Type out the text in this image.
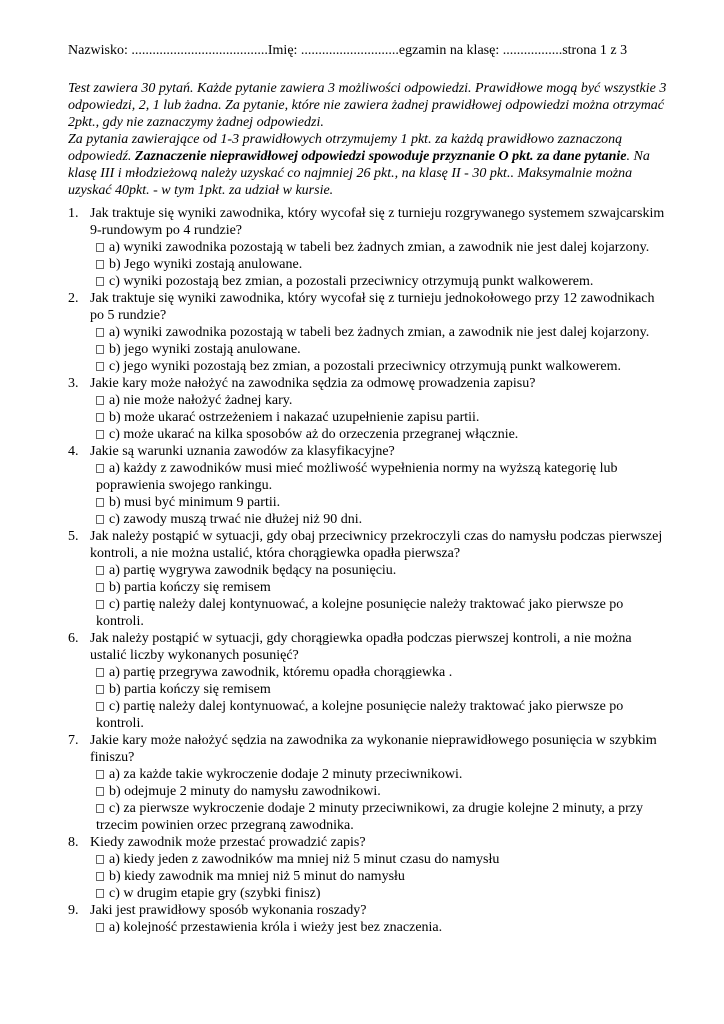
Nazwisko: .......................................Imię: ............................egzamin na klasę: .................strona 1 z 3
Test zawiera 30 pytań. Każde pytanie zawiera 3 możliwości odpowiedzi. Prawidłowe mogą być wszystkie 3 odpowiedzi, 2, 1 lub żadna. Za pytanie, które nie zawiera żadnej prawidłowej odpowiedzi można otrzymać 2pkt., gdy nie zaznaczymy żadnej odpowiedzi.
Za pytania zawierające od 1-3 prawidłowych otrzymujemy 1 pkt. za każdą prawidłowo zaznaczoną odpowiedź. Zaznaczenie nieprawidłowej odpowiedzi spowoduje przyznanie O pkt. za dane pytanie. Na klasę III i młodzieżową należy uzyskać co najmniej 26 pkt., na klasę II - 30 pkt.. Maksymalnie można uzyskać 40pkt. - w tym 1pkt. za udział w kursie.
1. Jak traktuje się wyniki zawodnika, który wycofał się z turnieju rozgrywanego systemem szwajcarskim 9-rundowym po 4 rundzie?
a) wyniki zawodnika pozostają w tabeli bez żadnych zmian, a zawodnik nie jest dalej kojarzony.
b) Jego wyniki zostają anulowane.
c) wyniki pozostają bez zmian, a pozostali przeciwnicy otrzymują punkt walkowerem.
2. Jak traktuje się wyniki zawodnika, który wycofał się z turnieju jednokołowego przy 12 zawodnikach po 5 rundzie?
a) wyniki zawodnika pozostają w tabeli bez żadnych zmian, a zawodnik nie jest dalej kojarzony.
b) jego wyniki zostają anulowane.
c) jego wyniki pozostają bez zmian, a pozostali przeciwnicy otrzymują punkt walkowerem.
3. Jakie kary może nałożyć na zawodnika sędzia za odmowę prowadzenia zapisu?
a) nie może nałożyć żadnej kary.
b) może ukarać ostrzeżeniem i nakazać uzupełnienie zapisu partii.
c) może ukarać na kilka sposobów aż do orzeczenia przegranej włącznie.
4. Jakie są warunki uznania zawodów za klasyfikacyjne?
a) każdy z zawodników musi mieć możliwość wypełnienia normy na wyższą kategorię lub poprawienia swojego rankingu.
b) musi być minimum 9 partii.
c) zawody muszą trwać nie dłużej niż 90 dni.
5. Jak należy postąpić w sytuacji, gdy obaj przeciwnicy przekroczyli czas do namysłu podczas pierwszej kontroli, a nie można ustalić, która chorągiewka opadła pierwsza?
a) partię wygrywa zawodnik będący na posunięciu.
b) partia kończy się remisem
c) partię należy dalej kontynuować, a kolejne posunięcie należy traktować jako pierwsze po kontroli.
6. Jak należy postąpić w sytuacji, gdy chorągiewka opadła podczas pierwszej kontroli, a nie można ustalić liczby wykonanych posunięć?
a) partię przegrywa zawodnik, któremu opadła chorągiewka .
b) partia kończy się remisem
c) partię należy dalej kontynuować, a kolejne posunięcie należy traktować jako pierwsze po kontroli.
7. Jakie kary może nałożyć sędzia na zawodnika za wykonanie nieprawidłowego posunięcia w szybkim finiszu?
a) za każde takie wykroczenie dodaje 2 minuty przeciwnikowi.
b) odejmuje 2 minuty do namysłu zawodnikowi.
c) za pierwsze wykroczenie dodaje 2 minuty przeciwnikowi, za drugie kolejne 2 minuty, a przy trzecim powinien orzec przegraną zawodnika.
8. Kiedy zawodnik może przestać prowadzić zapis?
a) kiedy jeden z zawodników ma mniej niż 5 minut czasu do namysłu
b) kiedy zawodnik ma mniej niż 5 minut do namysłu
c) w drugim etapie gry (szybki finisz)
9. Jaki jest prawidłowy sposób wykonania roszady?
a) kolejność przestawienia króla i wieży jest bez znaczenia.
